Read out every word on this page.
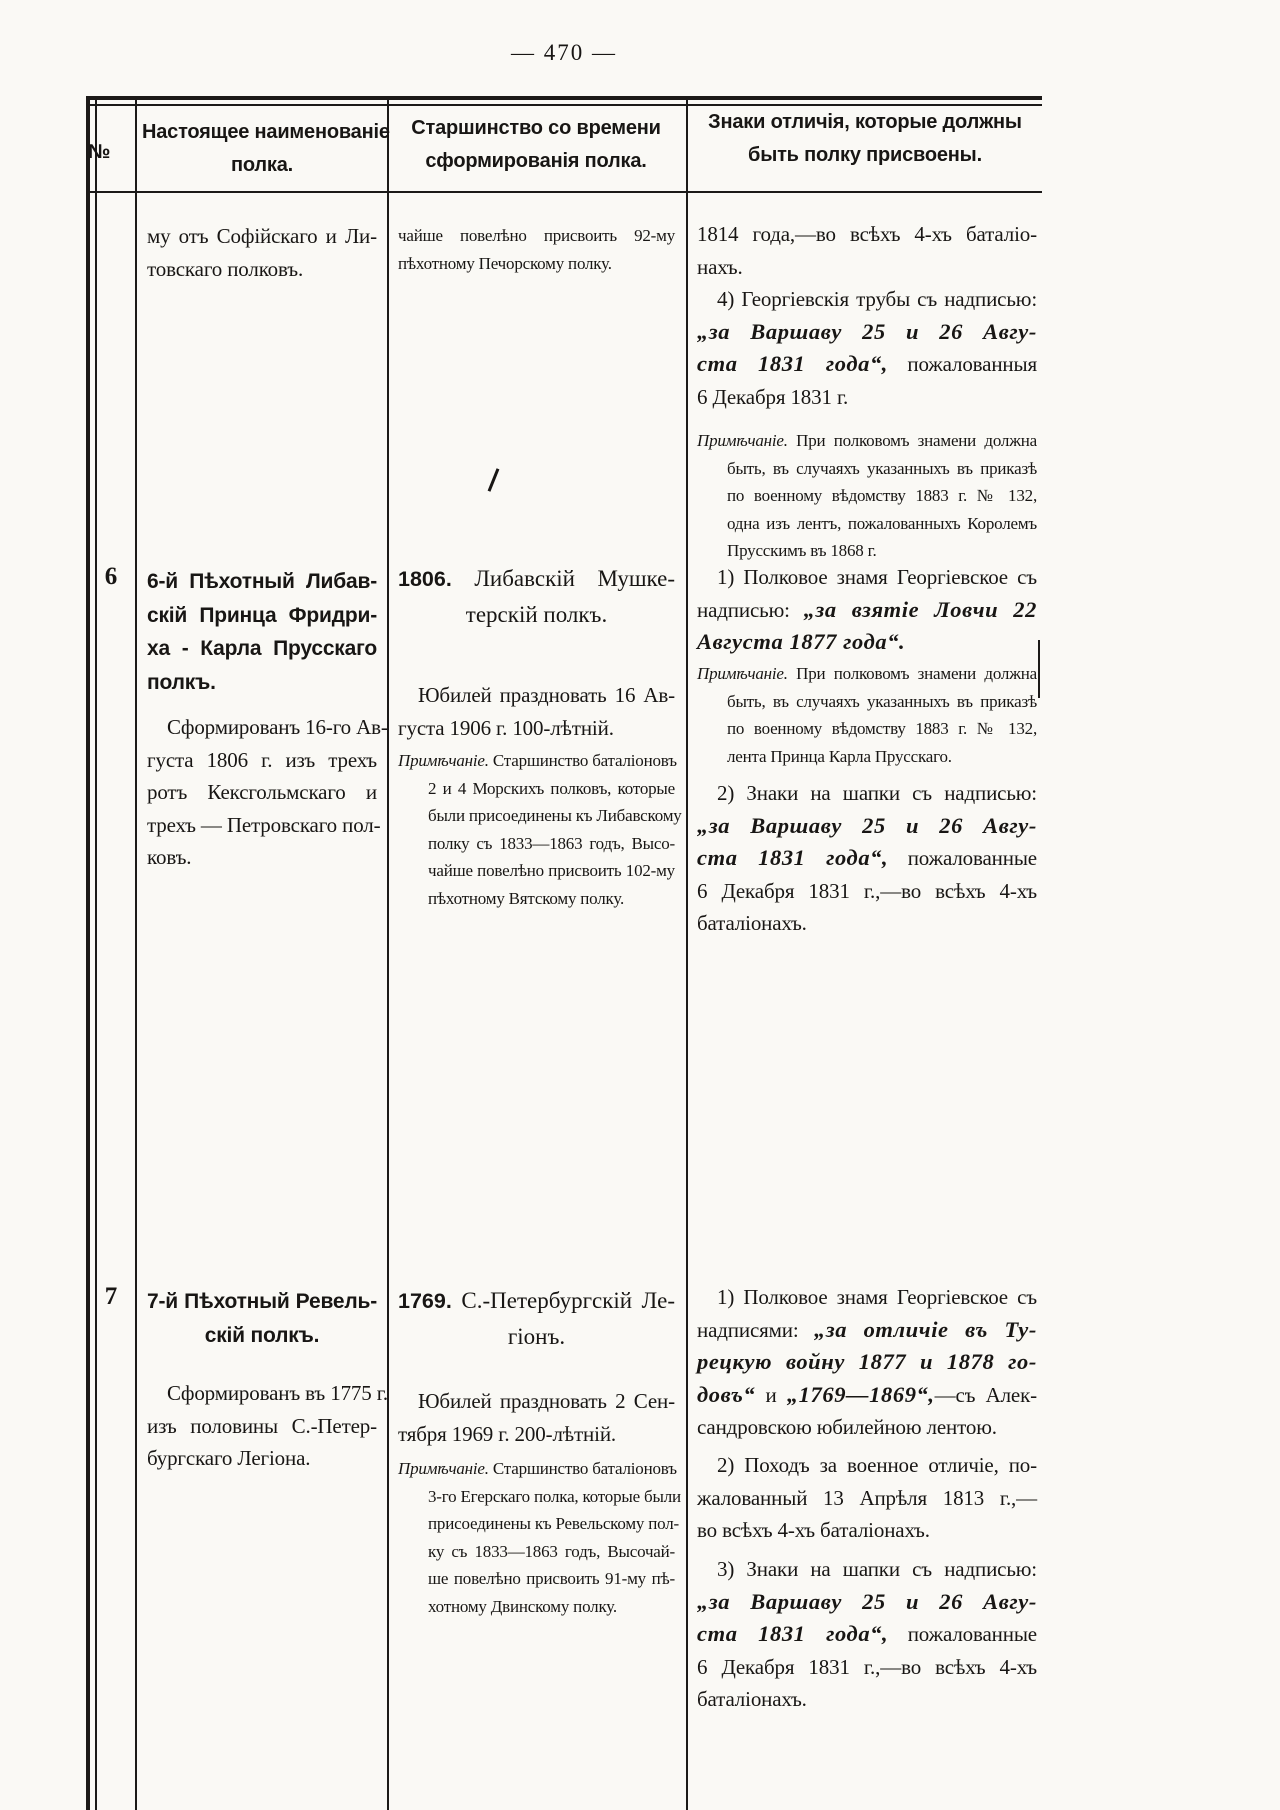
— 470 —
№
Настоящее наименованіе
полка.
Старшинство со времени
сформированія полка.
Знаки отличія, которые должны
быть полку присвоены.
му отъ Софійскаго и Ли-
товскаго полковъ.
чайше повелѣно присвоить 92-му
пѣхотному Печорскому полку.
1814 года,—во всѣхъ 4-хъ баталіо-
нахъ.
4) Георгіевскія трубы съ надписью:
„за Варшаву 25 и 26 Авгу-
ста 1831 года“, пожалованныя
6 Декабря 1831 г.
Примѣчаніе. При полковомъ знамени должна
быть, въ случаяхъ указанныхъ въ приказѣ
по военному вѣдомству 1883 г. № 132,
одна изъ лентъ, пожалованныхъ Королемъ
Прусскимъ въ 1868 г.
6	6-й Пѣхотный Либав-
скій Принца Фридри-
ха - Карла Прусскаго
полкъ.
Сформированъ 16-го Ав-
густа 1806 г. изъ трехъ
ротъ Кексгольмскаго и
трехъ — Петровскаго пол-
ковъ.
1806. Либавскій Мушке-
терскій полкъ.
Юбилей праздновать 16 Ав-
густа 1906 г. 100-лѣтній.
Примѣчаніе. Старшинство баталіоновъ
2 и 4 Морскихъ полковъ, которые
были присоединены къ Либавскому
полку съ 1833—1863 годъ, Высо-
чайше повелѣно присвоить 102-му
пѣхотному Вятскому полку.
1) Полковое знамя Георгіевское съ
надписью: „за взятіе Ловчи 22
Августа 1877 года“.
Примѣчаніе. При полковомъ знамени должна
быть, въ случаяхъ указанныхъ въ приказѣ
по военному вѣдомству 1883 г. № 132,
лента Принца Карла Прусскаго.
2) Знаки на шапки съ надписью:
„за Варшаву 25 и 26 Авгу-
ста 1831 года“, пожалованные
6 Декабря 1831 г.,—во всѣхъ 4-хъ
баталіонахъ.
7	7-й Пѣхотный Ревель-
скій полкъ.
Сформированъ въ 1775 г.
изъ половины С.-Петер-
бургскаго Легіона.
1769. С.-Петербургскій Ле-
гіонъ.
Юбилей праздновать 2 Сен-
тября 1969 г. 200-лѣтній.
Примѣчаніе. Старшинство баталіоновъ
3-го Егерскаго полка, которые были
присоединены къ Ревельскому пол-
ку съ 1833—1863 годъ, Высочай-
ше повелѣно присвоить 91-му пѣ-
хотному Двинскому полку.
1) Полковое знамя Георгіевское съ
надписями: „за отличіе въ Ту-
рецкую войну 1877 и 1878 го-
довъ“ и „1769—1869“,—съ Алек-
сандровскою юбилейною лентою.
2) Походъ за военное отличіе, по-
жалованный 13 Апрѣля 1813 г.,—
во всѣхъ 4-хъ баталіонахъ.
3) Знаки на шапки съ надписью:
„за Варшаву 25 и 26 Авгу-
ста 1831 года“, пожалованные
6 Декабря 1831 г.,—во всѣхъ 4-хъ
баталіонахъ.
